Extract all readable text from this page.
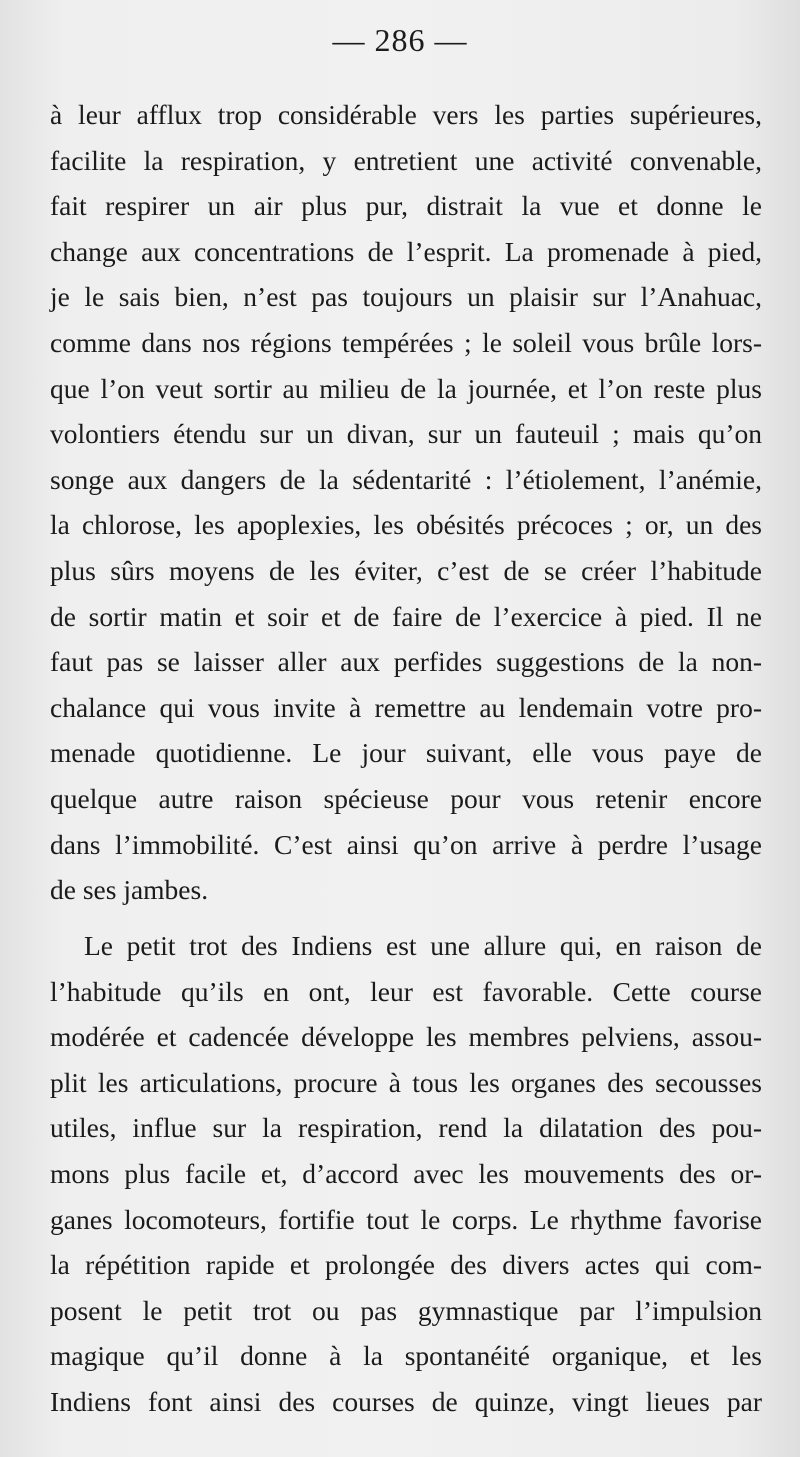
— 286 —
à leur afflux trop considérable vers les parties supérieures,
facilite la respiration, y entretient une activité convenable,
fait respirer un air plus pur, distrait la vue et donne le
change aux concentrations de l’esprit. La promenade à pied,
je le sais bien, n’est pas toujours un plaisir sur l’Anahuac,
comme dans nos régions tempérées ; le soleil vous brûle lors-
que l’on veut sortir au milieu de la journée, et l’on reste plus
volontiers étendu sur un divan, sur un fauteuil ; mais qu’on
songe aux dangers de la sédentarité : l’étiolement, l’anémie,
la chlorose, les apoplexies, les obésités précoces ; or, un des
plus sûrs moyens de les éviter, c’est de se créer l’habitude
de sortir matin et soir et de faire de l’exercice à pied. Il ne
faut pas se laisser aller aux perfides suggestions de la non-
chalance qui vous invite à remettre au lendemain votre pro-
menade quotidienne. Le jour suivant, elle vous paye de
quelque autre raison spécieuse pour vous retenir encore
dans l’immobilité. C’est ainsi qu’on arrive à perdre l’usage
de ses jambes.
Le petit trot des Indiens est une allure qui, en raison de
l’habitude qu’ils en ont, leur est favorable. Cette course
modérée et cadencée développe les membres pelviens, assou-
plit les articulations, procure à tous les organes des secousses
utiles, influe sur la respiration, rend la dilatation des pou-
mons plus facile et, d’accord avec les mouvements des or-
ganes locomoteurs, fortifie tout le corps. Le rhythme favorise
la répétition rapide et prolongée des divers actes qui com-
posent le petit trot ou pas gymnastique par l’impulsion
magique qu’il donne à la spontanéité organique, et les
Indiens font ainsi des courses de quinze, vingt lieues par
